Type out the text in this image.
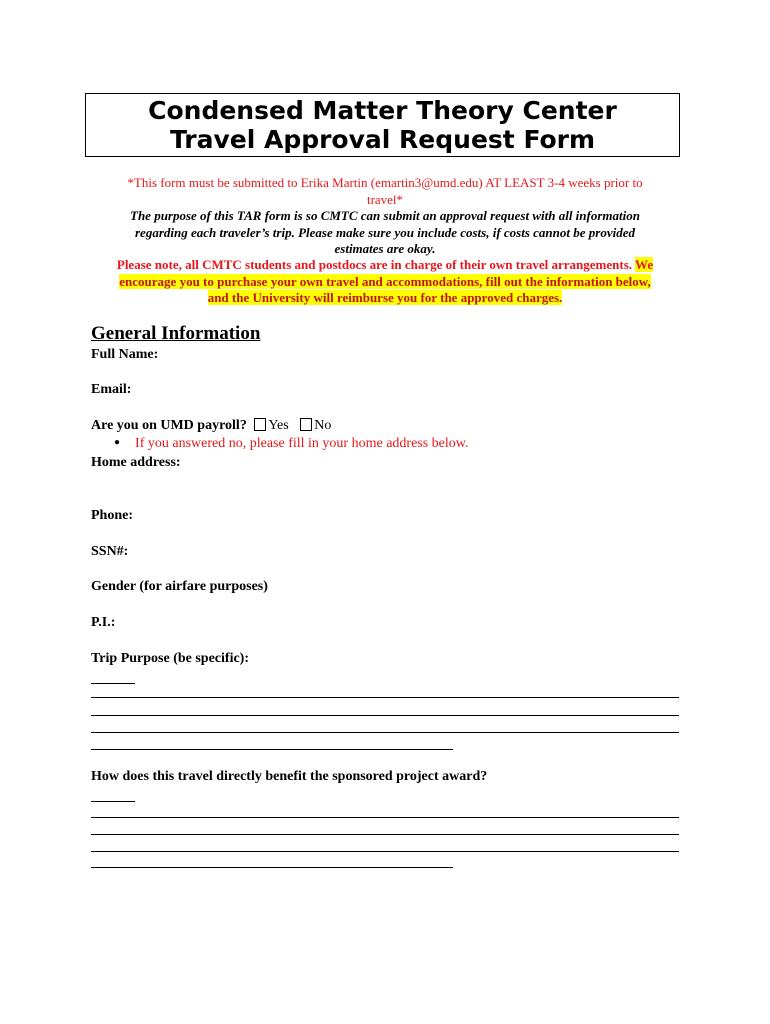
Condensed Matter Theory Center
Travel Approval Request Form
*This form must be submitted to Erika Martin (emartin3@umd.edu) AT LEAST 3-4 weeks prior to
travel*
The purpose of this TAR form is so CMTC can submit an approval request with all information
regarding each traveler’s trip. Please make sure you include costs, if costs cannot be provided
estimates are okay.
Please note, all CMTC students and postdocs are in charge of their own travel arrangements. We
encourage you to purchase your own travel and accommodations, fill out the information below,
and the University will reimburse you for the approved charges.
General Information
Full Name:
Email:
Are you on UMD payroll? Yes No
● If you answered no, please fill in your home address below.
Home address:
Phone:
SSN#:
Gender (for airfare purposes)
P.I.:
Trip Purpose (be specific):
How does this travel directly benefit the sponsored project award?
